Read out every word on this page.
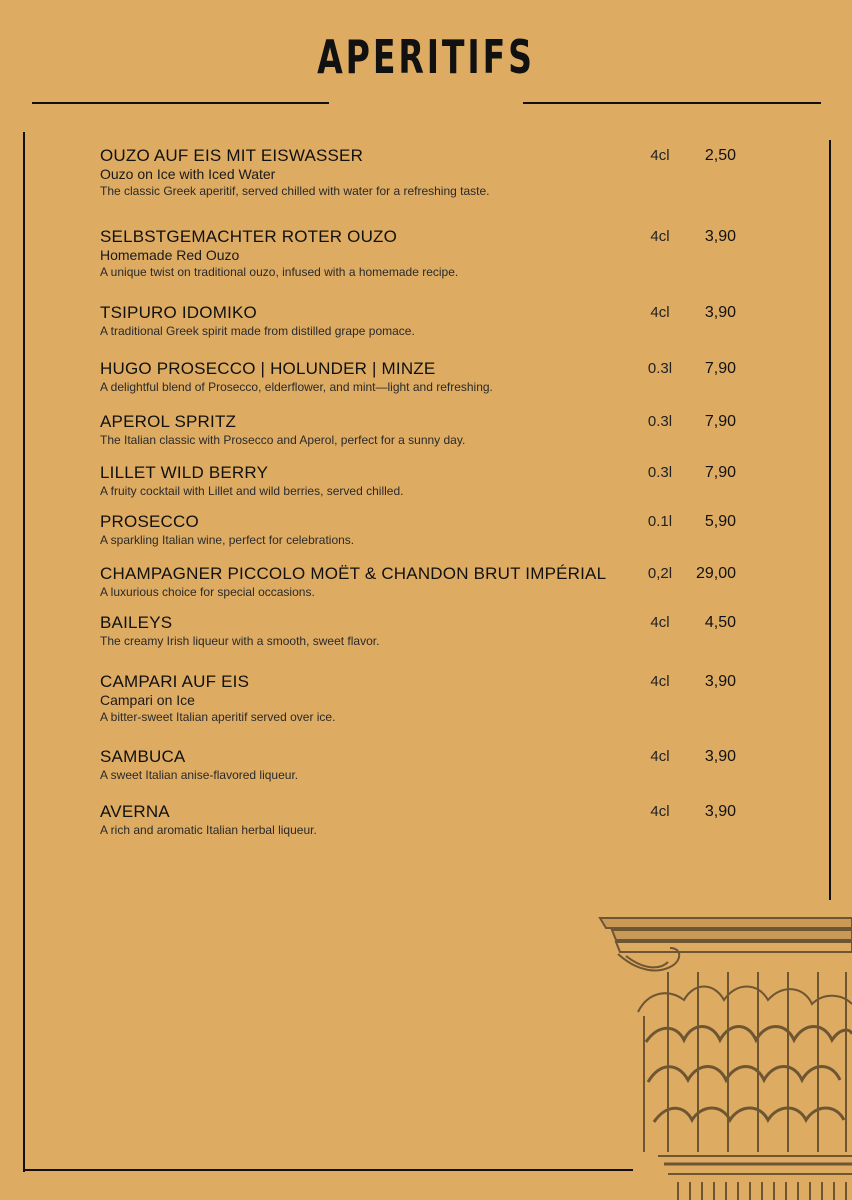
APERITIFS
OUZO AUF EIS MIT EISWASSER
Ouzo on Ice with Iced Water
The classic Greek aperitif, served chilled with water for a refreshing taste.
4cl	2,50
SELBSTGEMACHTER ROTER OUZO
Homemade Red Ouzo
A unique twist on traditional ouzo, infused with a homemade recipe.
4cl	3,90
TSIPURO IDOMIKO
A traditional Greek spirit made from distilled grape pomace.
4cl	3,90
HUGO PROSECCO | HOLUNDER | MINZE
A delightful blend of Prosecco, elderflower, and mint—light and refreshing.
0.3l	7,90
APEROL SPRITZ
The Italian classic with Prosecco and Aperol, perfect for a sunny day.
0.3l	7,90
LILLET WILD BERRY
A fruity cocktail with Lillet and wild berries, served chilled.
0.3l	7,90
PROSECCO
A sparkling Italian wine, perfect for celebrations.
0.1l	5,90
CHAMPAGNER PICCOLO MOËT & CHANDON BRUT IMPÉRIAL
A luxurious choice for special occasions.
0,2l	29,00
BAILEYS
The creamy Irish liqueur with a smooth, sweet flavor.
4cl	4,50
CAMPARI AUF EIS
Campari on Ice
A bitter-sweet Italian aperitif served over ice.
4cl	3,90
SAMBUCA
A sweet Italian anise-flavored liqueur.
4cl	3,90
AVERNA
A rich and aromatic Italian herbal liqueur.
4cl	3,90
